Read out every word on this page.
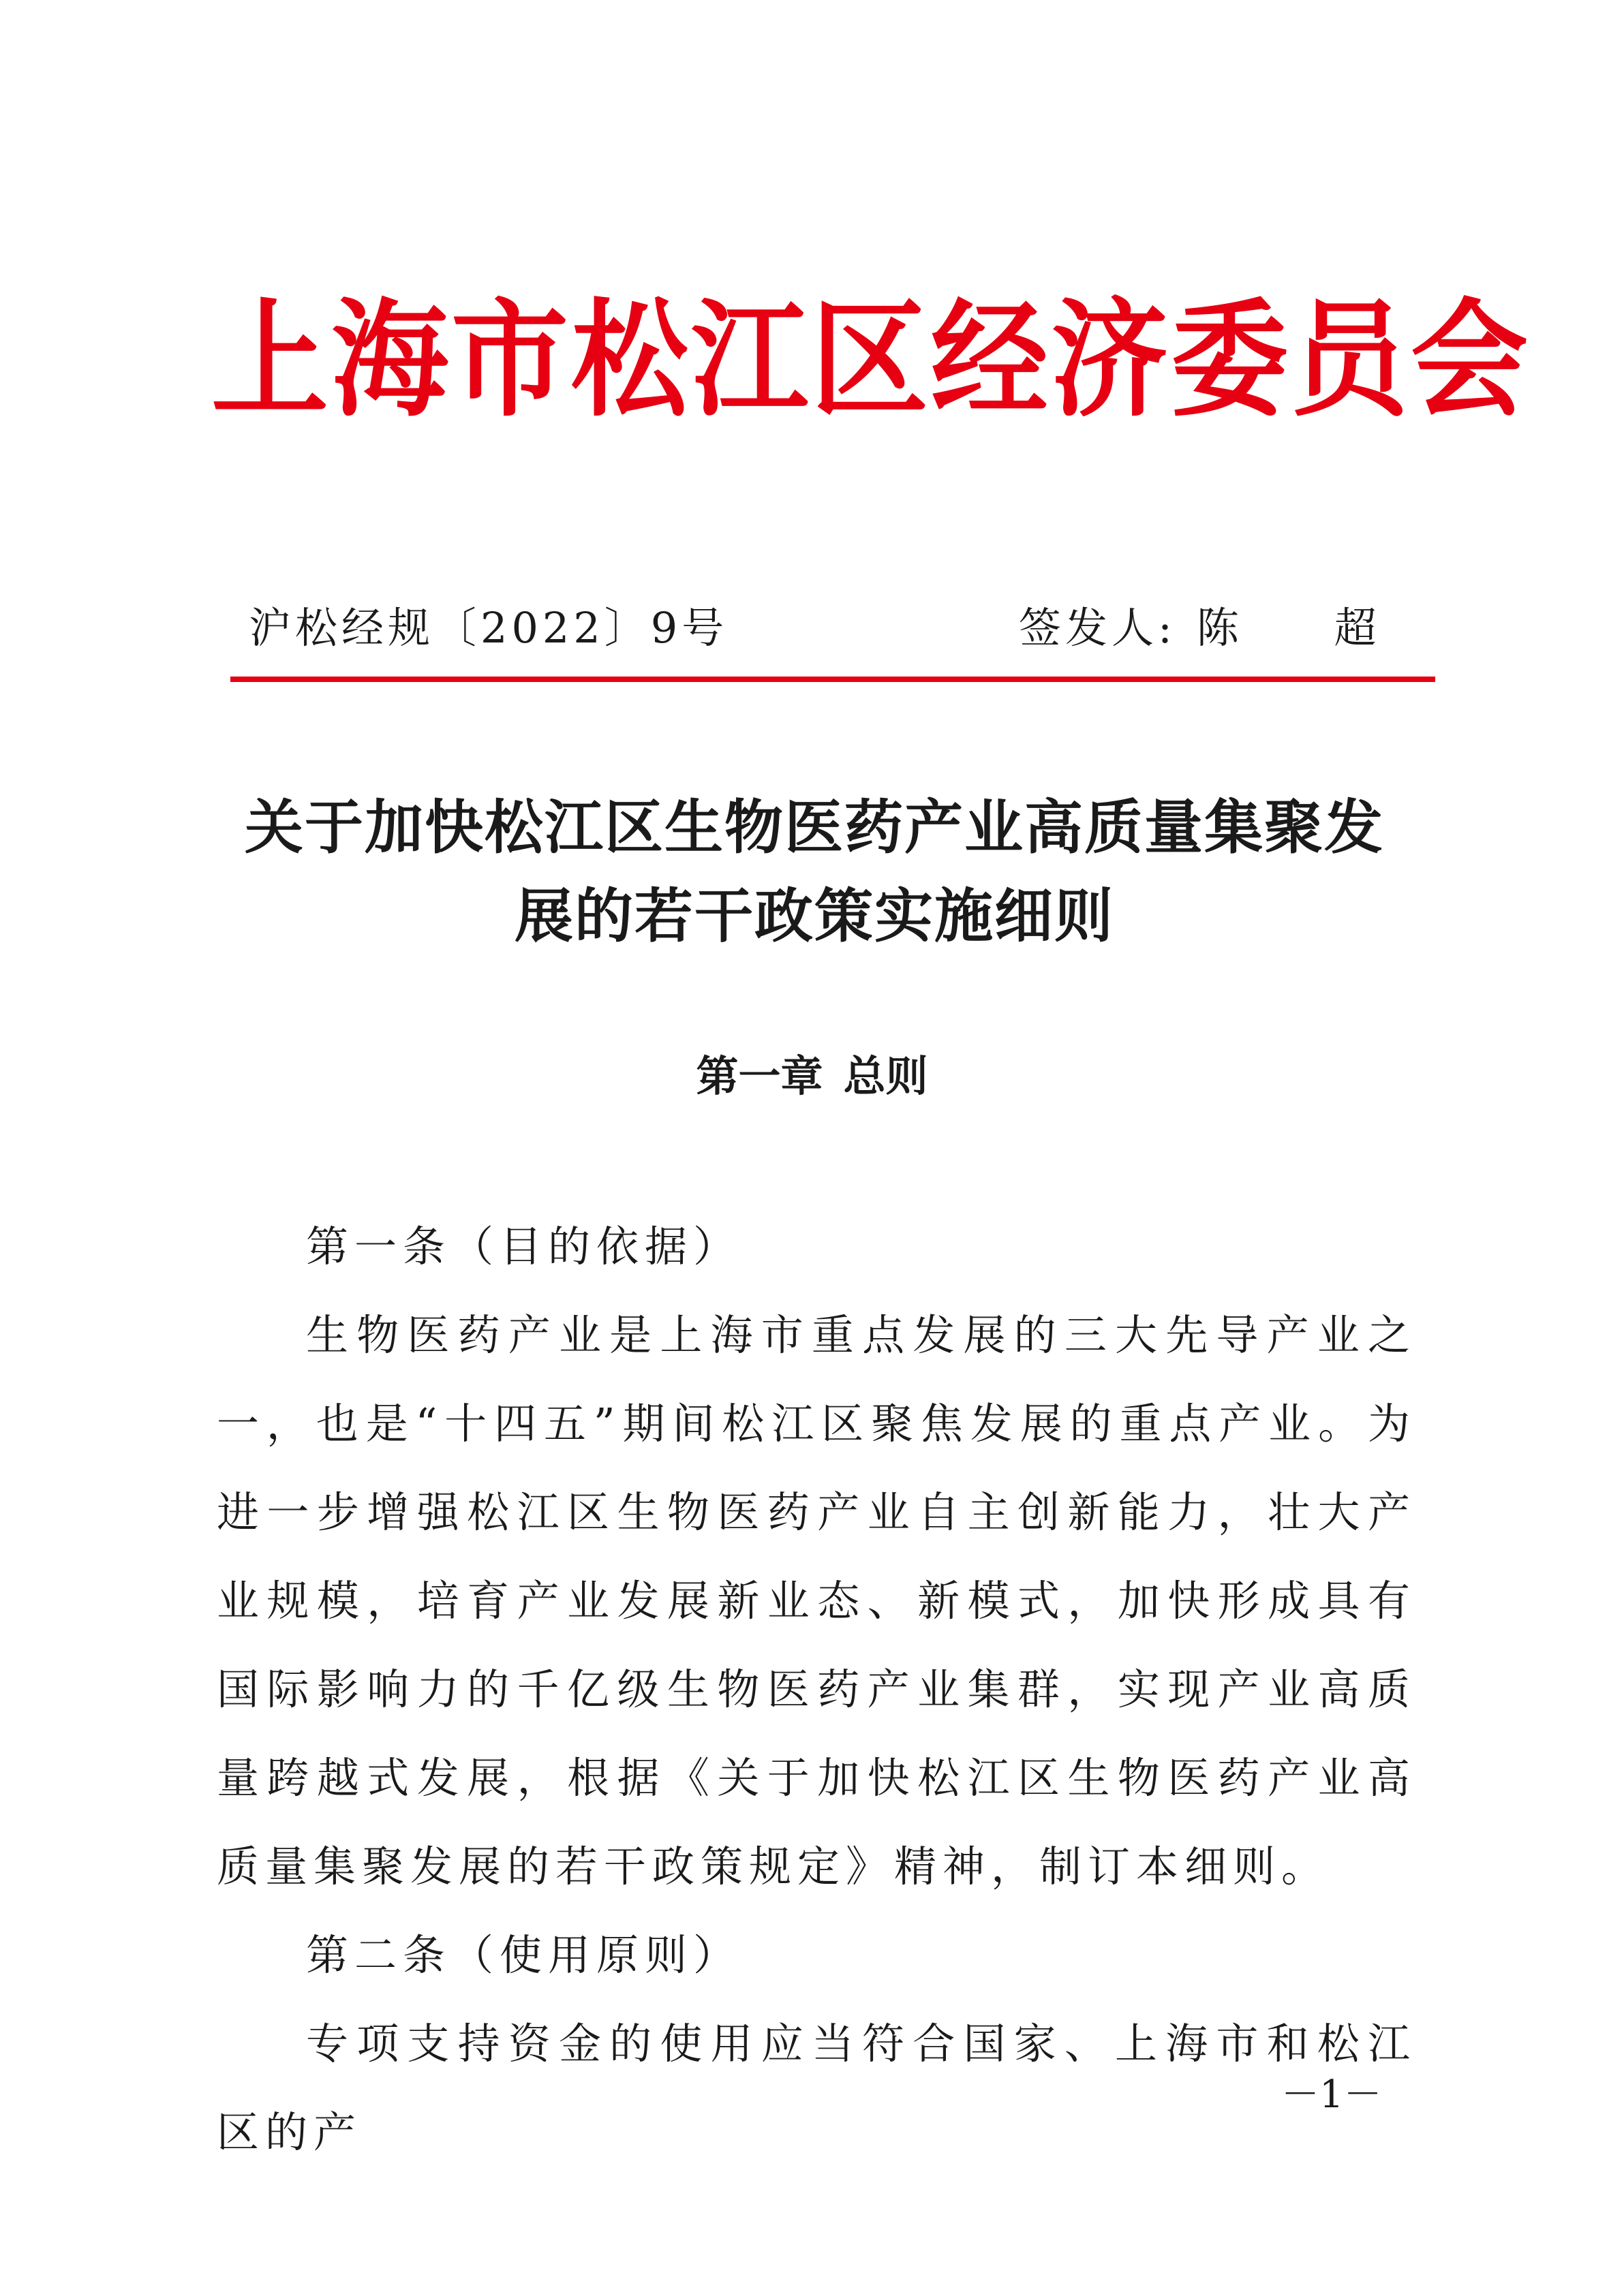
上海市松江区经济委员会
沪松经规〔2022〕9号	签发人: 陈 超
关于加快松江区生物医药产业高质量集聚发
展的若干政策实施细则
第一章 总则

第一条（目的依据）

生物医药产业是上海市重点发展的三大先导产业之一，也是“十四五”期间松江区聚焦发展的重点产业。为进一步增强松江区生物医药产业自主创新能力，壮大产业规模，培育产业发展新业态、新模式，加快形成具有国际影响力的千亿级生物医药产业集群，实现产业高质量跨越式发展，根据《关于加快松江区生物医药产业高质量集聚发展的若干政策规定》精神，制订本细则。

第二条（使用原则）

专项支持资金的使用应当符合国家、上海市和松江区的产

－1－
